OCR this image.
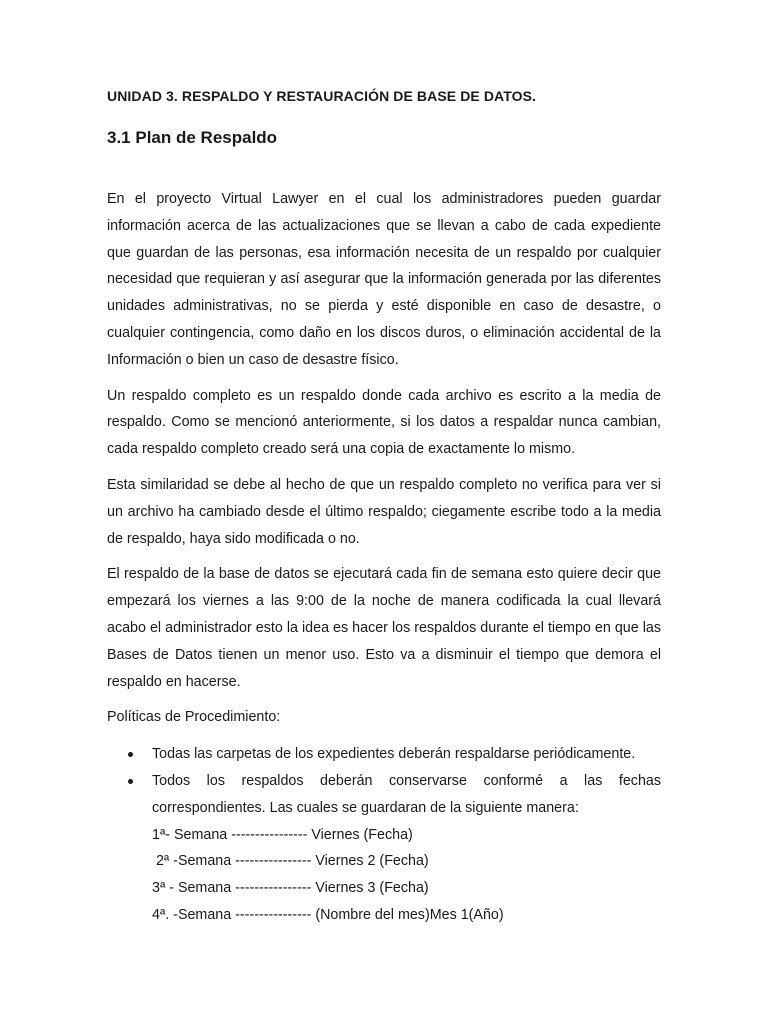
UNIDAD 3. RESPALDO Y RESTAURACIÓN DE BASE DE DATOS.
3.1 Plan de Respaldo

En el proyecto Virtual Lawyer en el cual los administradores pueden guardar información acerca de las actualizaciones que se llevan a cabo de cada expediente que guardan de las personas, esa información necesita de un respaldo por cualquier necesidad que requieran y así asegurar que la información generada por las diferentes unidades administrativas, no se pierda y esté disponible en caso de desastre, o cualquier contingencia, como daño en los discos duros, o eliminación accidental de la Información o bien un caso de desastre físico.

Un respaldo completo es un respaldo donde cada archivo es escrito a la media de respaldo. Como se mencionó anteriormente, si los datos a respaldar nunca cambian, cada respaldo completo creado será una copia de exactamente lo mismo.

Esta similaridad se debe al hecho de que un respaldo completo no verifica para ver si un archivo ha cambiado desde el último respaldo; ciegamente escribe todo a la media de respaldo, haya sido modificada o no.

El respaldo de la base de datos se ejecutará cada fin de semana esto quiere decir que empezará los viernes a las 9:00 de la noche de manera codificada la cual llevará acabo el administrador esto la idea es hacer los respaldos durante el tiempo en que las Bases de Datos tienen un menor uso. Esto va a disminuir el tiempo que demora el respaldo en hacerse.

Políticas de Procedimiento:

Todas las carpetas de los expedientes deberán respaldarse periódicamente.
Todos los respaldos deberán conservarse conformé a las fechas correspondientes. Las cuales se guardaran de la siguiente manera:
1ª- Semana ---------------- Viernes (Fecha)
2ª -Semana ---------------- Viernes 2 (Fecha)
3ª - Semana ---------------- Viernes 3 (Fecha)
4ª. -Semana ---------------- (Nombre del mes)Mes 1(Año)
